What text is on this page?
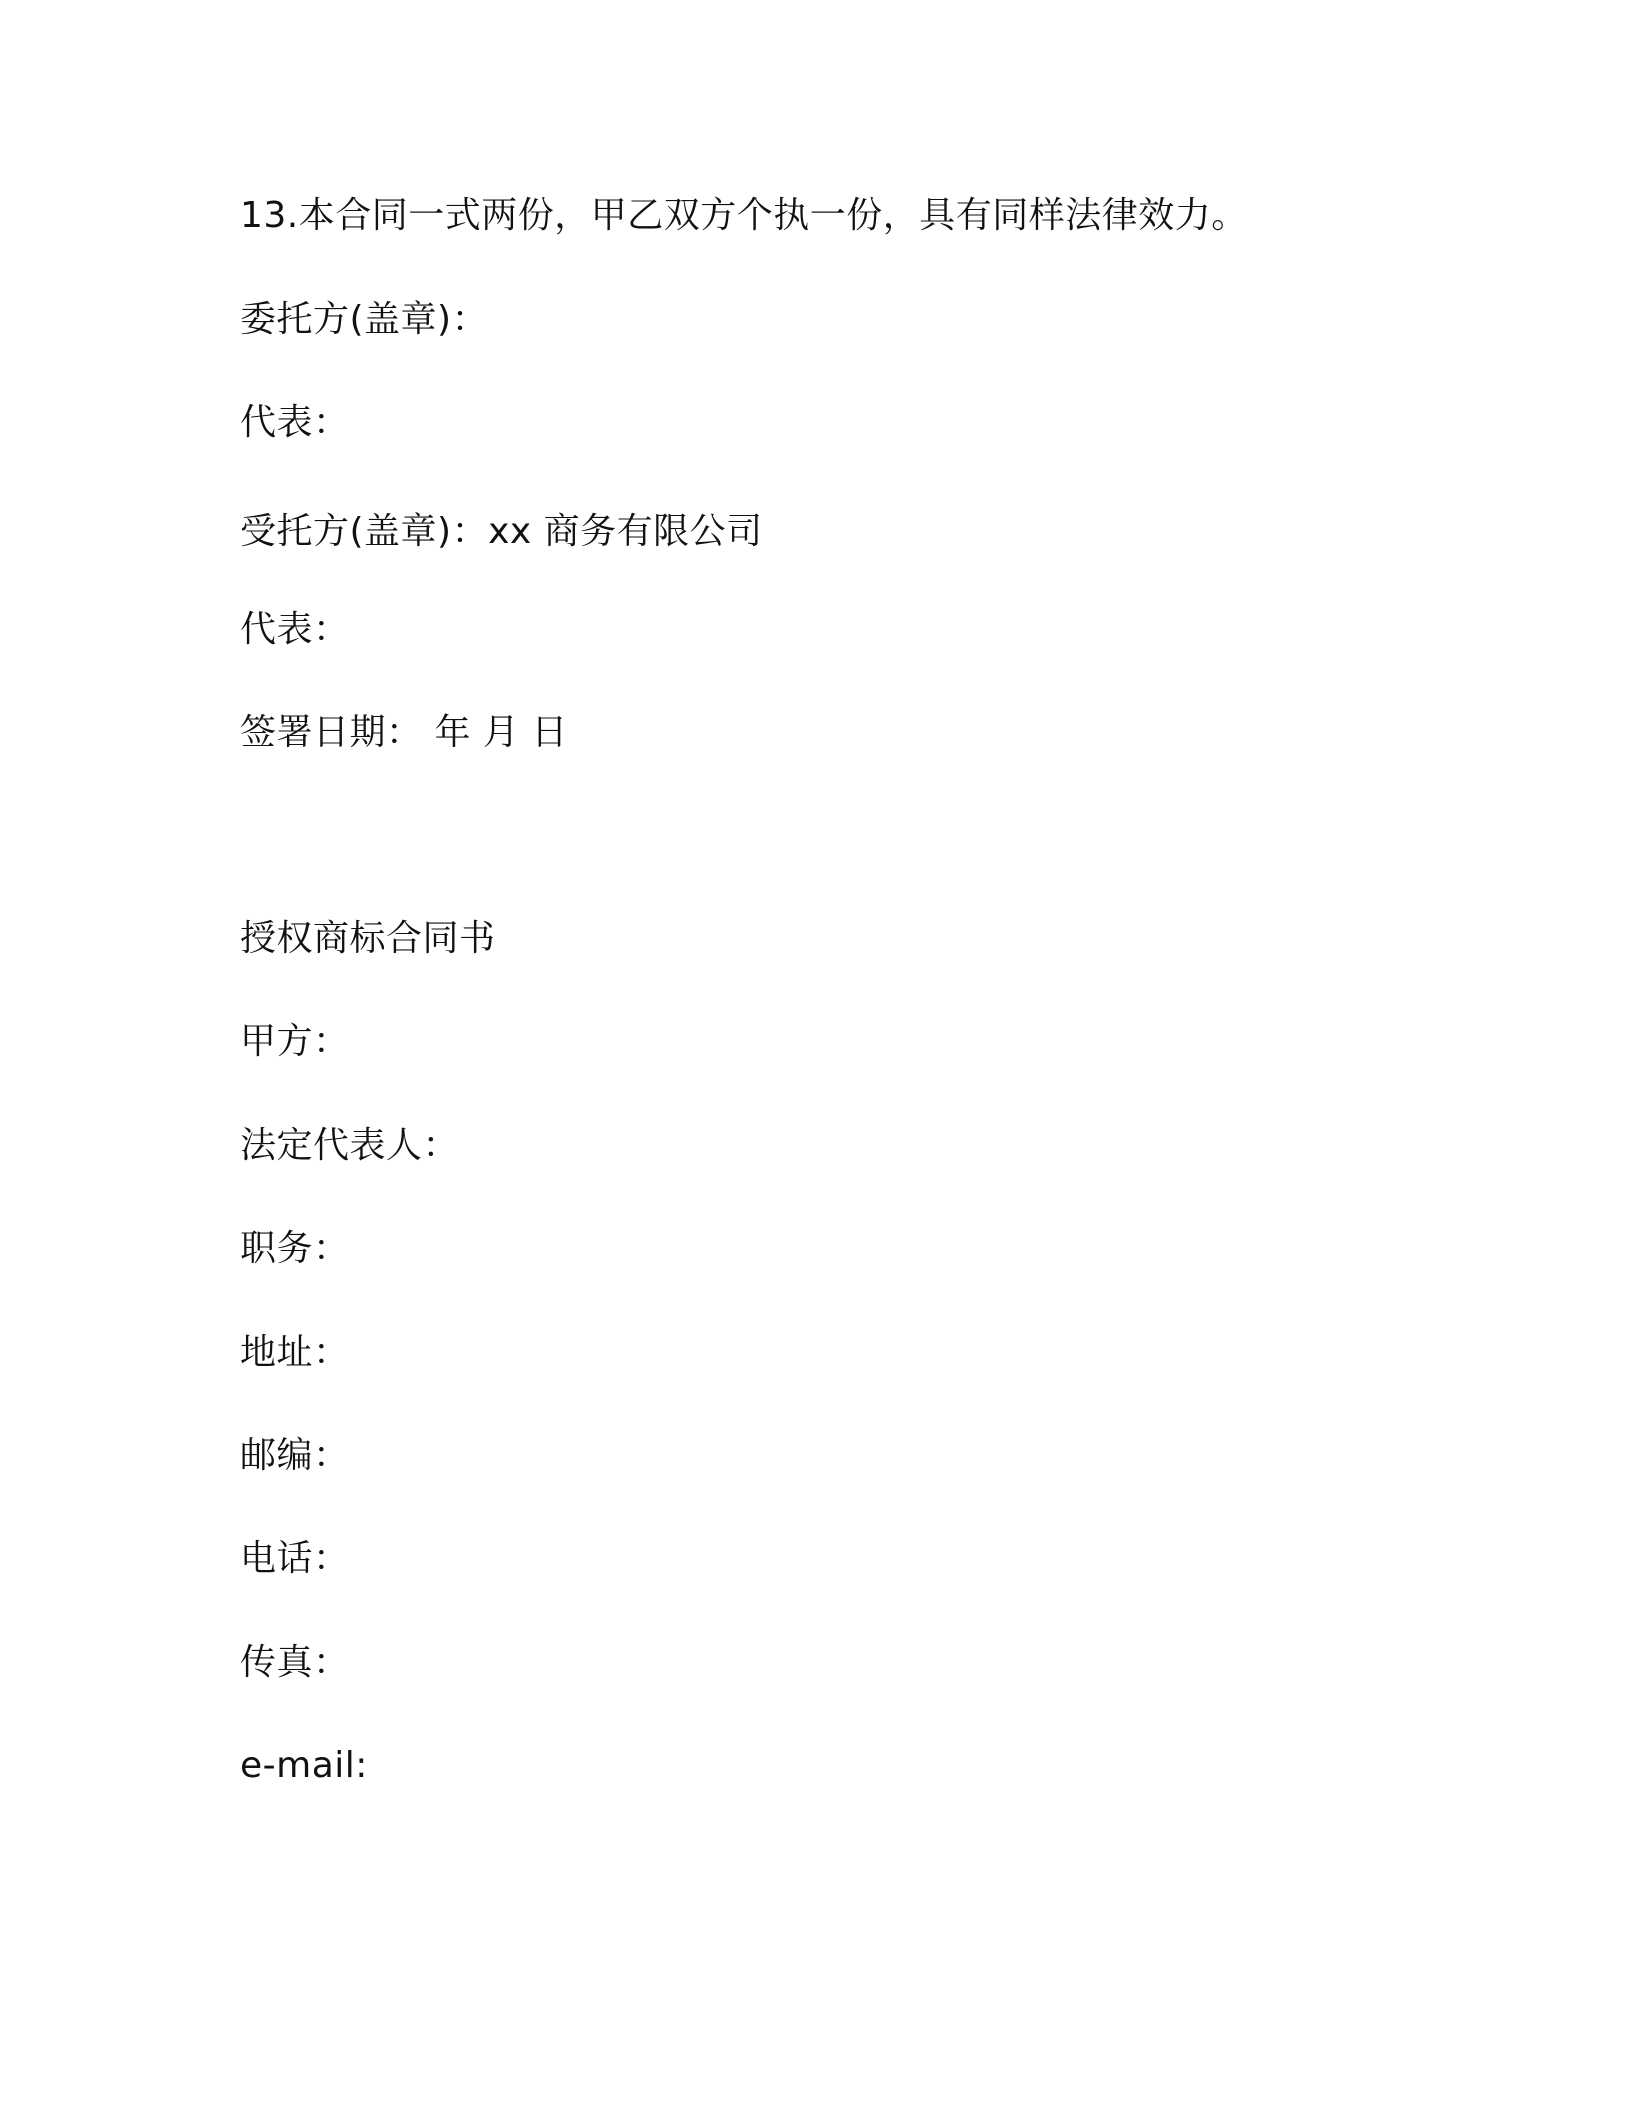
13.本合同一式两份，甲乙双方个执一份，具有同样法律效力。
委托方(盖章)：
代表：
受托方(盖章)：xx 商务有限公司
代表：
签署日期： 年 月 日
授权商标合同书
甲方：
法定代表人：
职务：
地址：
邮编：
电话：
传真：
e-mail:
